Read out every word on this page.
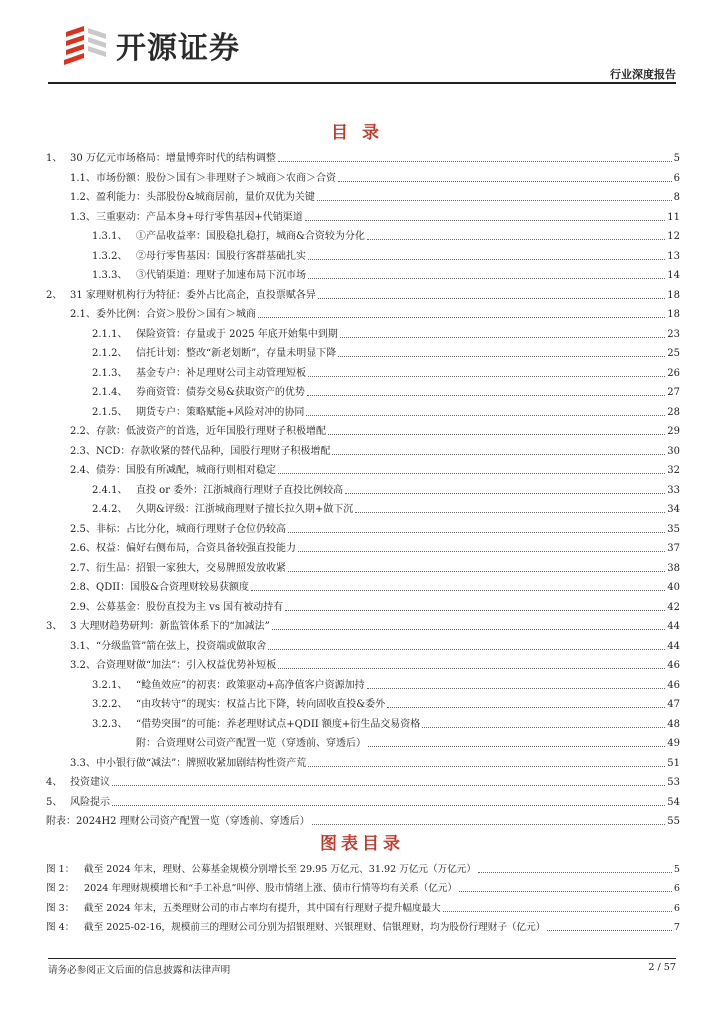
开源证券
行业深度报告
目录
1、 30 万亿元市场格局：增量博弈时代的结构调整	5
1.1、 市场份额：股份＞国有＞非理财子＞城商＞农商＞合资	6
1.2、 盈利能力：头部股份&城商居前，量价双优为关键	8
1.3、 三重驱动：产品本身+母行零售基因+代销渠道	11
1.3.1、 ①产品收益率：国股稳扎稳打，城商&合资较为分化	12
1.3.2、 ②母行零售基因：国股行客群基础扎实	13
1.3.3、 ③代销渠道：理财子加速布局下沉市场	14
2、 31 家理财机构行为特征：委外占比高企，直投票赋各异	18
2.1、 委外比例：合资＞股份＞国有＞城商	18
2.1.1、 保险资管：存量或于 2025 年底开始集中到期	23
2.1.2、 信托计划：整改“新老划断”，存量未明显下降	25
2.1.3、 基金专户：补足理财公司主动管理短板	26
2.1.4、 券商资管：债券交易&获取资产的优势	27
2.1.5、 期货专户：策略赋能+风险对冲的协同	28
2.2、 存款：低波资产的首选，近年国股行理财子积极增配	29
2.3、 NCD：存款收紧的替代品种，国股行理财子积极增配	30
2.4、 债券：国股有所减配，城商行则相对稳定	32
2.4.1、 直投 or 委外：江浙城商行理财子直投比例较高	33
2.4.2、 久期&评级：江浙城商理财子擅长拉久期+做下沉	34
2.5、 非标：占比分化，城商行理财子仓位仍较高	35
2.6、 权益：偏好右侧布局，合资具备较强直投能力	37
2.7、 衍生品：招银一家独大，交易牌照发放收紧	38
2.8、 QDII：国股&合资理财较易获额度	40
2.9、 公募基金：股份直投为主 vs 国有被动持有	42
3、 3 大理财趋势研判：新监管体系下的“加减法”	44
3.1、 “分级监管”箭在弦上，投资端或做取舍	44
3.2、 合资理财做“加法”：引入权益优势补短板	46
3.2.1、 “鲶鱼效应”的初衷：政策驱动+高净值客户资源加持	46
3.2.2、 “由攻转守”的现实：权益占比下降，转向固收直投&委外	47
3.2.3、 “借势突围”的可能：养老理财试点+QDII 额度+衍生品交易资格	48
附：合资理财公司资产配置一览（穿透前、穿透后）	49
3.3、 中小银行做“减法”：牌照收紧加剧结构性资产荒	51
4、 投资建议	53
5、 风险提示	54
附表：2024H2 理财公司资产配置一览（穿透前、穿透后）	55
图表目录
图 1： 截至 2024 年末，理财、公募基金规模分别增长至 29.95 万亿元、31.92 万亿元（万亿元）	5
图 2： 2024 年理财规模增长和“手工补息”叫停、股市情绪上涨、债市行情等均有关系（亿元）	6
图 3： 截至 2024 年末，五类理财公司的市占率均有提升，其中国有行理财子提升幅度最大	6
图 4： 截至 2025-02-16，规模前三的理财公司分别为招银理财、兴银理财、信银理财，均为股份行理财子（亿元）	7
请务必参阅正文后面的信息披露和法律声明	2 / 57
